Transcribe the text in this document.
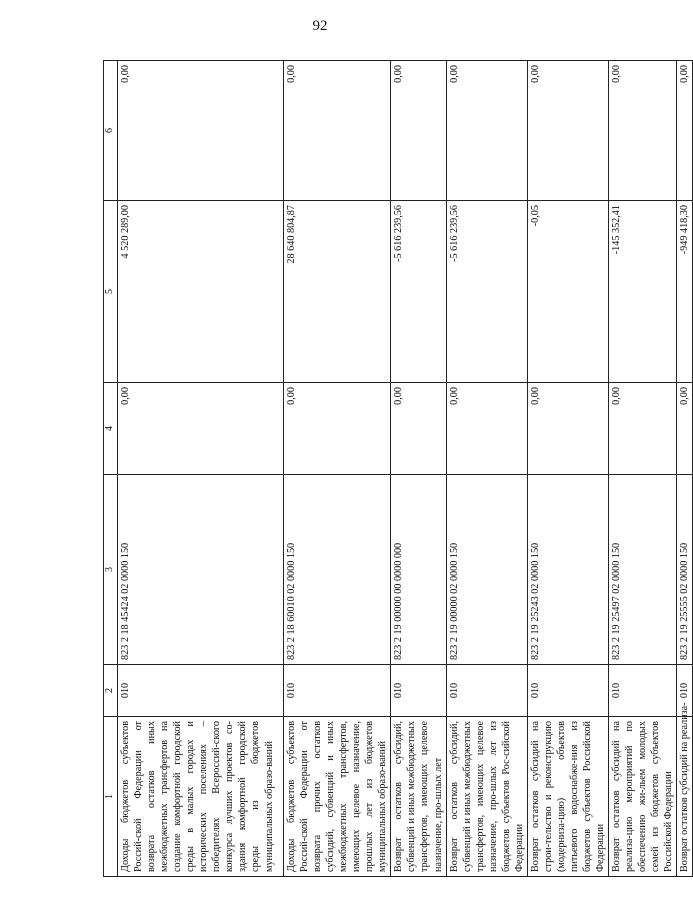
92
1	2	3	4	5	6
Доходы бюджетов субъектов Россий-ской Федерации от возврата остатков иных межбюджетных трансфертов на создание комфортной городской среды в малых городах и исторических поселениях – победителях Всероссий-ского конкурса лучших проектов со-здания комфортной городской среды из бюджетов муниципальных образо-ваний	010	823 2 18 45424 02 0000 150	0,00	4 520 289,00	0,00
Доходы бюджетов субъектов Россий-ской Федерации от возврата прочих остатков субсидий, субвенций и иных межбюджетных трансфертов, имеющих целевое назначение, прошлых лет из бюджетов муниципальных образо-ваний	010	823 2 18 60010 02 0000 150	0,00	28 640 804,87	0,00
Возврат остатков субсидий, субвенций и иных межбюджетных трансфертов, имеющих целевое назначение, про-шлых лет	010	823 2 19 00000 00 0000 000	0,00	-5 616 239,56	0,00
Возврат остатков субсидий, субвенций и иных межбюджетных трансфертов, имеющих целевое назначение, про-шлых лет из бюджетов субъектов Рос-сийской Федерации	010	823 2 19 00000 02 0000 150	0,00	-5 616 239,56	0,00
Возврат остатков субсидий на строи-тельство и реконструкцию (модерниза-цию) объектов питьевого водоснабже-ния из бюджетов субъектов Российской Федерации	010	823 2 19 25243 02 0000 150	0,00	-0,05	0,00
Возврат остатков субсидий на реализа-цию мероприятий по обеспечению жи-льем молодых семей из бюджетов субъектов Российской Федерации	010	823 2 19 25497 02 0000 150	0,00	-145 352,41	0,00
Возврат остатков субсидий на реализа-	010	823 2 19 25555 02 0000 150	0,00	-949 418,30	0,00
